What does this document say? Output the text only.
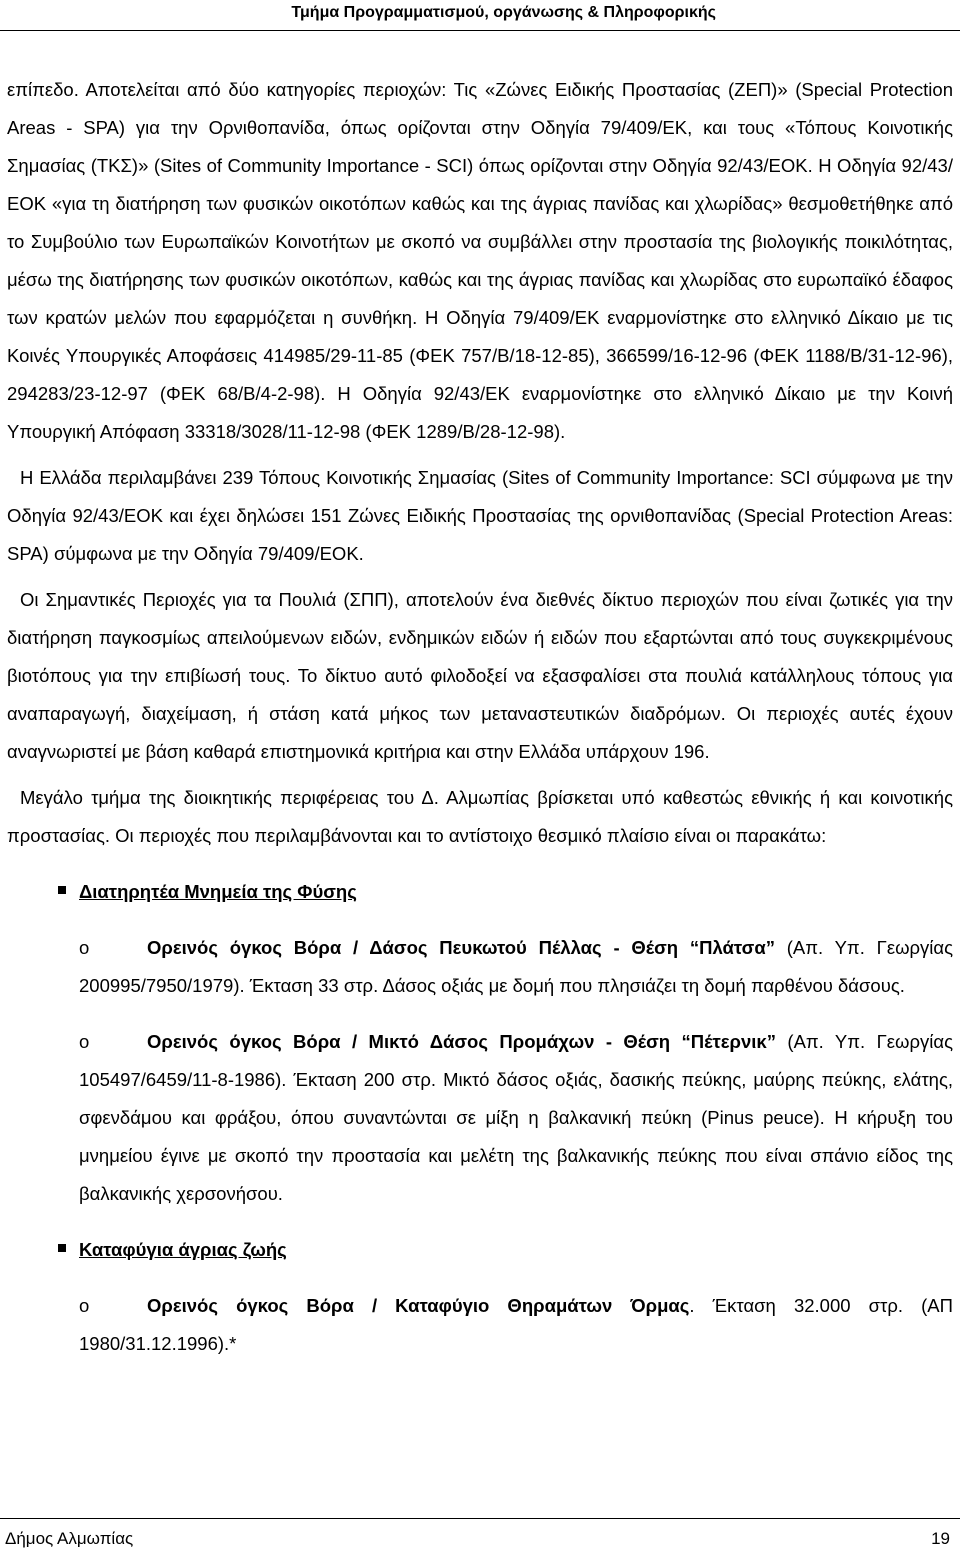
Τμήμα Προγραμματισμού, οργάνωσης & Πληροφορικής

επίπεδο. Αποτελείται από δύο κατηγορίες περιοχών: Τις «Ζώνες Ειδικής Προστασίας (ΖΕΠ)» (Special Protection Areas - SPA) για την Ορνιθοπανίδα, όπως ορίζονται στην Οδηγία 79/409/ΕΚ, και τους «Τόπους Κοινοτικής Σημασίας (ΤΚΣ)» (Sites of Community Importance - SCI) όπως ορίζονται στην Οδηγία 92/43/ΕΟΚ. Η Οδηγία 92/43/ΕΟΚ «για τη διατήρηση των φυσικών οικοτόπων καθώς και της άγριας πανίδας και χλωρίδας» θεσμοθετήθηκε από το Συμβούλιο των Ευρωπαϊκών Κοινοτήτων με σκοπό να συμβάλλει στην προστασία της βιολογικής ποικιλότητας, μέσω της διατήρησης των φυσικών οικοτόπων, καθώς και της άγριας πανίδας και χλωρίδας στο ευρωπαϊκό έδαφος των κρατών μελών που εφαρμόζεται η συνθήκη. Η Οδηγία 79/409/ΕΚ εναρμονίστηκε στο ελληνικό Δίκαιο με τις Κοινές Υπουργικές Αποφάσεις 414985/29-11-85 (ΦΕΚ 757/Β/18-12-85), 366599/16-12-96 (ΦΕΚ 1188/Β/31-12-96), 294283/23-12-97 (ΦΕΚ 68/Β/4-2-98). Η Οδηγία 92/43/ΕΚ εναρμονίστηκε στο ελληνικό Δίκαιο με την Κοινή Υπουργική Απόφαση 33318/3028/11-12-98 (ΦΕΚ 1289/Β/28-12-98).

Η Ελλάδα περιλαμβάνει 239 Τόπους Κοινοτικής Σημασίας (Sites of Community Importance: SCI σύμφωνα με την Οδηγία 92/43/ΕΟΚ και έχει δηλώσει 151 Ζώνες Ειδικής Προστασίας της ορνιθοπανίδας (Special Protection Areas: SPA) σύμφωνα με την Οδηγία 79/409/ΕΟΚ.

Οι Σημαντικές Περιοχές για τα Πουλιά (ΣΠΠ), αποτελούν ένα διεθνές δίκτυο περιοχών που είναι ζωτικές για την διατήρηση παγκοσμίως απειλούμενων ειδών, ενδημικών ειδών ή ειδών που εξαρτώνται από τους συγκεκριμένους βιοτόπους για την επιβίωσή τους. Το δίκτυο αυτό φιλοδοξεί να εξασφαλίσει στα πουλιά κατάλληλους τόπους για αναπαραγωγή, διαχείμαση, ή στάση κατά μήκος των μεταναστευτικών διαδρόμων. Οι περιοχές αυτές έχουν αναγνωριστεί με βάση καθαρά επιστημονικά κριτήρια και στην Ελλάδα υπάρχουν 196.

Μεγάλο τμήμα της διοικητικής περιφέρειας του Δ. Αλμωπίας βρίσκεται υπό καθεστώς εθνικής ή και κοινοτικής προστασίας. Οι περιοχές που περιλαμβάνονται και το αντίστοιχο θεσμικό πλαίσιο είναι οι παρακάτω:

Διατηρητέα Μνημεία της Φύσης
o	Ορεινός όγκος Βόρα / Δάσος Πευκωτού Πέλλας - Θέση “Πλάτσα” (Απ. Υπ. Γεωργίας 200995/7950/1979). Έκταση 33 στρ. Δάσος οξιάς με δομή που πλησιάζει τη δομή παρθένου δάσους.
o	Ορεινός όγκος Βόρα / Μικτό Δάσος Προμάχων - Θέση “Πέτερνικ” (Απ. Υπ. Γεωργίας 105497/6459/11-8-1986). Έκταση 200 στρ. Μικτό δάσος οξιάς, δασικής πεύκης, μαύρης πεύκης, ελάτης, σφενδάμου και φράξου, όπου συναντώνται σε μίξη η βαλκανική πεύκη (Pinus peuce). Η κήρυξη του μνημείου έγινε με σκοπό την προστασία και μελέτη της βαλκανικής πεύκης που είναι σπάνιο είδος της βαλκανικής χερσονήσου.
Καταφύγια άγριας ζωής
o	Ορεινός όγκος Βόρα / Καταφύγιο Θηραμάτων Όρμας. Έκταση 32.000 στρ. (ΑΠ 1980/31.12.1996).*
Δήμος Αλμωπίας	19
